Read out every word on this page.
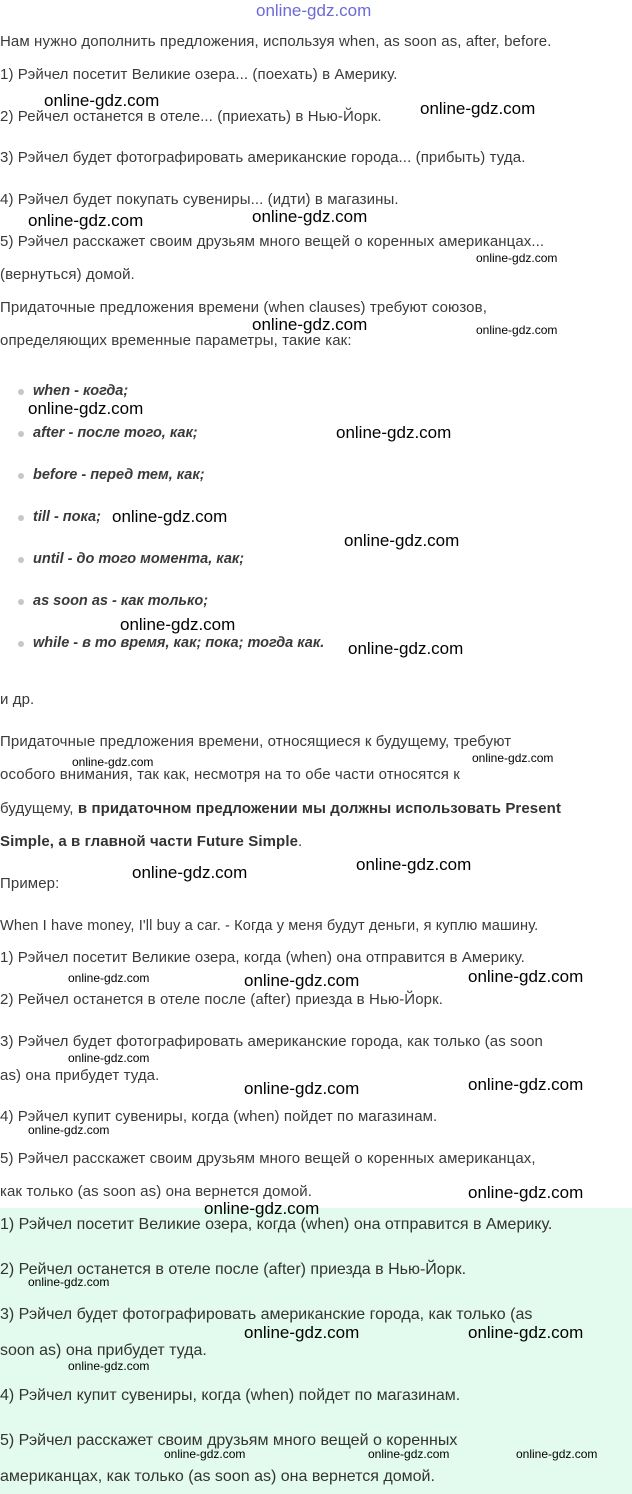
online-gdz.com
Нам нужно дополнить предложения, используя when, as soon as, after, before.
1) Рэйчел посетит Великие озера... (поехать) в Америку.
2) Рейчел останется в отеле... (приехать) в Нью-Йорк.
3) Рэйчел будет фотографировать американские города... (прибыть) туда.
4) Рэйчел будет покупать сувениры... (идти) в магазины.
5) Рэйчел расскажет своим друзьям много вещей о коренных американцах...
(вернуться) домой.
Придаточные предложения времени (when clauses) требуют союзов,
определяющих временные параметры, такие как:
when - когда;
after - после того, как;
before - перед тем, как;
till - пока;
until - до того момента, как;
as soon as - как только;
while - в то время, как; пока; тогда как.
и др.
Придаточные предложения времени, относящиеся к будущему, требуют
особого внимания, так как, несмотря на то обе части относятся к
будущему, в придаточном предложении мы должны использовать Present
Simple, а в главной части Future Simple.
Пример:
When I have money, I'll buy a car. - Когда у меня будут деньги, я куплю машину.
1) Рэйчел посетит Великие озера, когда (when) она отправится в Америку.
2) Рейчел останется в отеле после (after) приезда в Нью-Йорк.
3) Рэйчел будет фотографировать американские города, как только (as soon
as) она прибудет туда.
4) Рэйчел купит сувениры, когда (when) пойдет по магазинам.
5) Рэйчел расскажет своим друзьям много вещей о коренных американцах,
как только (as soon as) она вернется домой.
1) Рэйчел посетит Великие озера, когда (when) она отправится в Америку.
2) Рейчел останется в отеле после (after) приезда в Нью-Йорк.
3) Рэйчел будет фотографировать американские города, как только (as
soon as) она прибудет туда.
4) Рэйчел купит сувениры, когда (when) пойдет по магазинам.
5) Рэйчел расскажет своим друзьям много вещей о коренных
американцах, как только (as soon as) она вернется домой.
online-gdz.com	online-gdz.com
online-gdz.com	online-gdz.com
online-gdz.com
online-gdz.com
online-gdz.com
online-gdz.com
online-gdz.com
online-gdz.com
online-gdz.com
online-gdz.com
online-gdz.com
online-gdz.com	online-gdz.com
online-gdz.com	online-gdz.com
online-gdz.com
online-gdz.com
online-gdz.com	online-gdz.com
online-gdz.com
online-gdz.com
online-gdz.com	online-gdz.com
online-gdz.com
online-gdz.com
online-gdz.com
online-gdz.com
online-gdz.com
online-gdz.com	online-gdz.com	online-gdz.com
